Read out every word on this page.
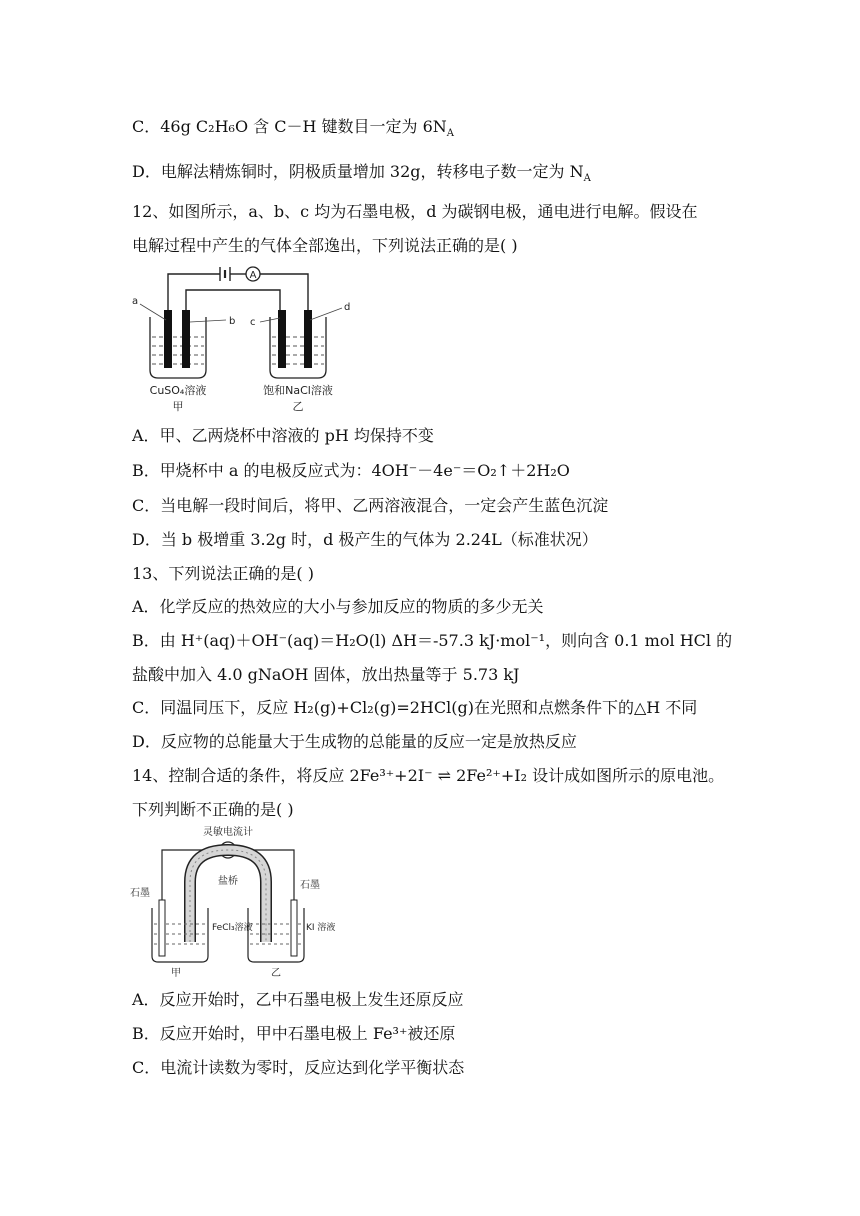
C．46g C₂H₆O 含 C－H 键数目一定为 $6N_A$
D．电解法精炼铜时，阴极质量增加 32g，转移电子数一定为 $N_A$
12、如图所示，a、b、c 均为石墨电极，d 为碳钢电极，通电进行电解。假设在
电解过程中产生的气体全部逸出，下列说法正确的是( )
A
a
b c
d
CuSO₄溶液
甲
饱和NaCl溶液
乙
A．甲、乙两烧杯中溶液的 pH 均保持不变
B．甲烧杯中 a 的电极反应式为：4OH⁻－4e⁻＝O₂↑＋2H₂O
C．当电解一段时间后，将甲、乙两溶液混合，一定会产生蓝色沉淀
D．当 b 极增重 3.2g 时，d 极产生的气体为 2.24L（标准状况）
13、下列说法正确的是( )
A．化学反应的热效应的大小与参加反应的物质的多少无关
B．由 H⁺(aq)＋OH⁻(aq)＝H₂O(l) ΔH＝-57.3 kJ·mol⁻¹，则向含 0.1 mol HCl 的
盐酸中加入 4.0 gNaOH 固体，放出热量等于 5.73 kJ
C．同温同压下，反应 H₂(g)+Cl₂(g)=2HCl(g)在光照和点燃条件下的△H 不同
D．反应物的总能量大于生成物的总能量的反应一定是放热反应
14、控制合适的条件，将反应 2Fe³⁺+2I⁻ ⇌ 2Fe²⁺+I₂ 设计成如图所示的原电池。
下列判断不正确的是( )
灵敏电流计
盐桥
石墨
石墨
FeCl₃溶液	KI 溶液
甲	乙
A．反应开始时，乙中石墨电极上发生还原反应
B．反应开始时，甲中石墨电极上 Fe³⁺被还原
C．电流计读数为零时，反应达到化学平衡状态
